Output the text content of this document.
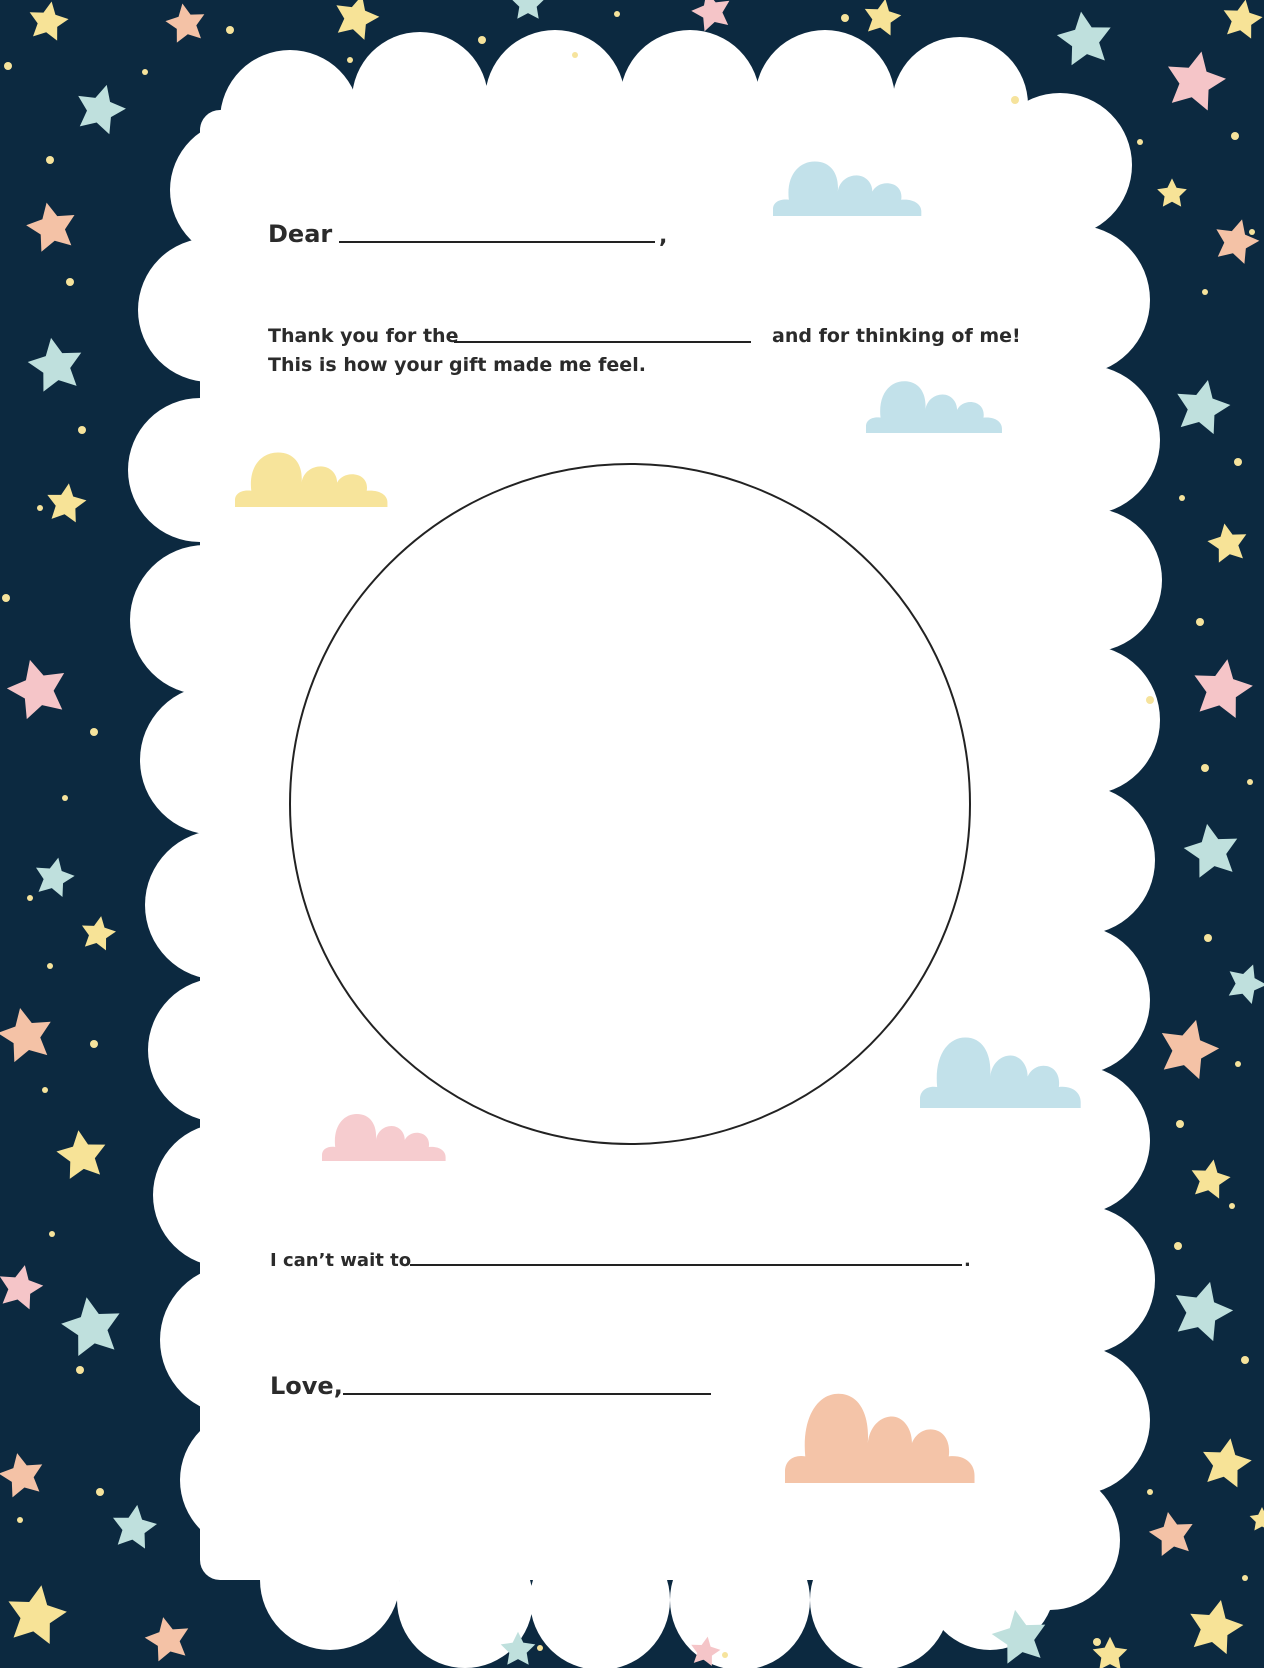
Dear	,
Thank you for the	and for thinking of me!
This is how your gift made me feel.
I can’t wait to	.
Love,
